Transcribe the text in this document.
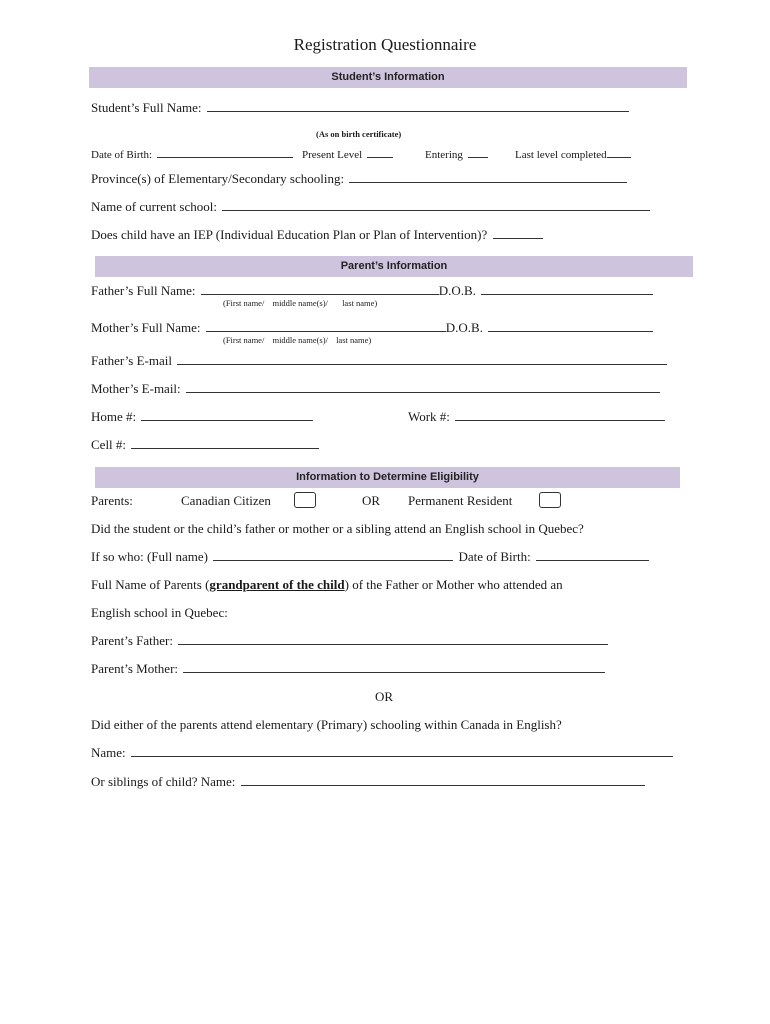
Registration Questionnaire
Student’s Information
Student’s Full Name:
(As on birth certificate)
Date of Birth:	Present Level	Entering	Last level completed
Province(s) of Elementary/Secondary schooling:
Name of current school:
Does child have an IEP (Individual Education Plan or Plan of Intervention)?
Parent’s Information
Father’s Full Name:	D.O.B.
(First name/ middle name(s)/ last name)
Mother’s Full Name:	D.O.B.
(First name/ middle name(s)/ last name)
Father’s E-mail
Mother’s E-mail:
Home #:	Work #:
Cell #:
Information to Determine Eligibility
Parents:	Canadian Citizen	OR Permanent Resident
Did the student or the child’s father or mother or a sibling attend an English school in Quebec?
If so who: (Full name)	Date of Birth:
Full Name of Parents (grandparent of the child) of the Father or Mother who attended an
English school in Quebec:
Parent’s Father:
Parent’s Mother:
OR
Did either of the parents attend elementary (Primary) schooling within Canada in English?
Name:
Or siblings of child? Name:
